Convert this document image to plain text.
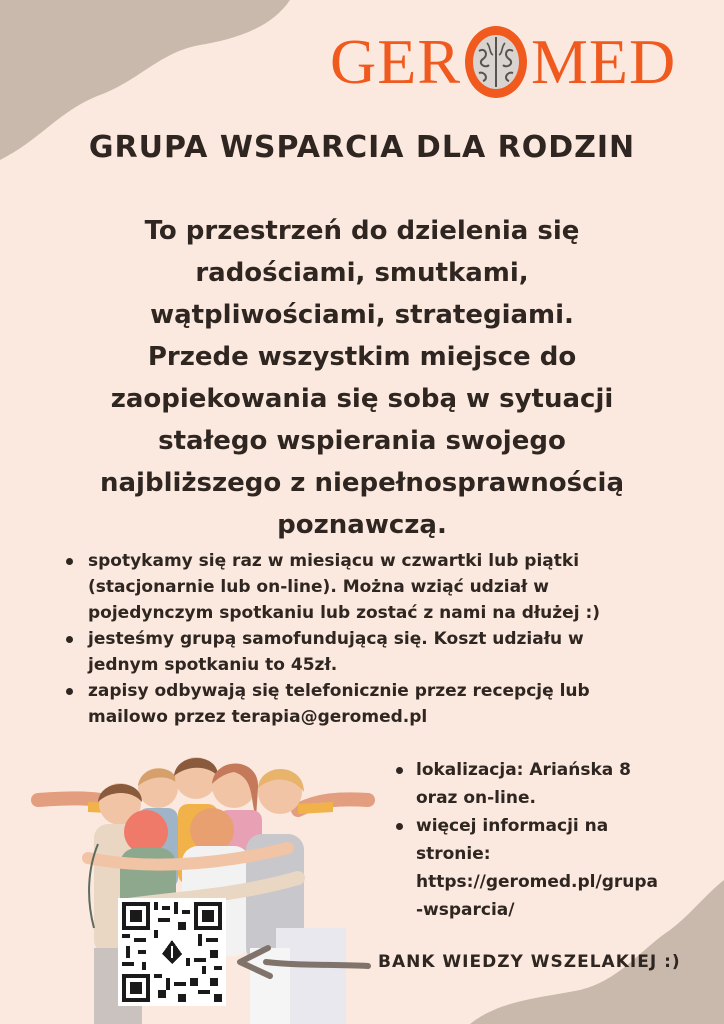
GER MED
GRUPA WSPARCIA DLA RODZIN
To przestrzeń do dzielenia się
radościami, smutkami,
wątpliwościami, strategiami.
Przede wszystkim miejsce do
zaopiekowania się sobą w sytuacji
stałego wspierania swojego
najbliższego z niepełnosprawnością
poznawczą.
spotykamy się raz w miesiącu w czwartki lub piątki
(stacjonarnie lub on-line). Można wziąć udział w
pojedynczym spotkaniu lub zostać z nami na dłużej :)
jesteśmy grupą samofundującą się. Koszt udziału w
jednym spotkaniu to 45zł.
zapisy odbywają się telefonicznie przez recepcję lub
mailowo przez terapia@geromed.pl
lokalizacja: Ariańska 8
oraz on-line.
więcej informacji na
stronie:
https://geromed.pl/grupa
-wsparcia/
BANK WIEDZY WSZELAKIEJ :)
